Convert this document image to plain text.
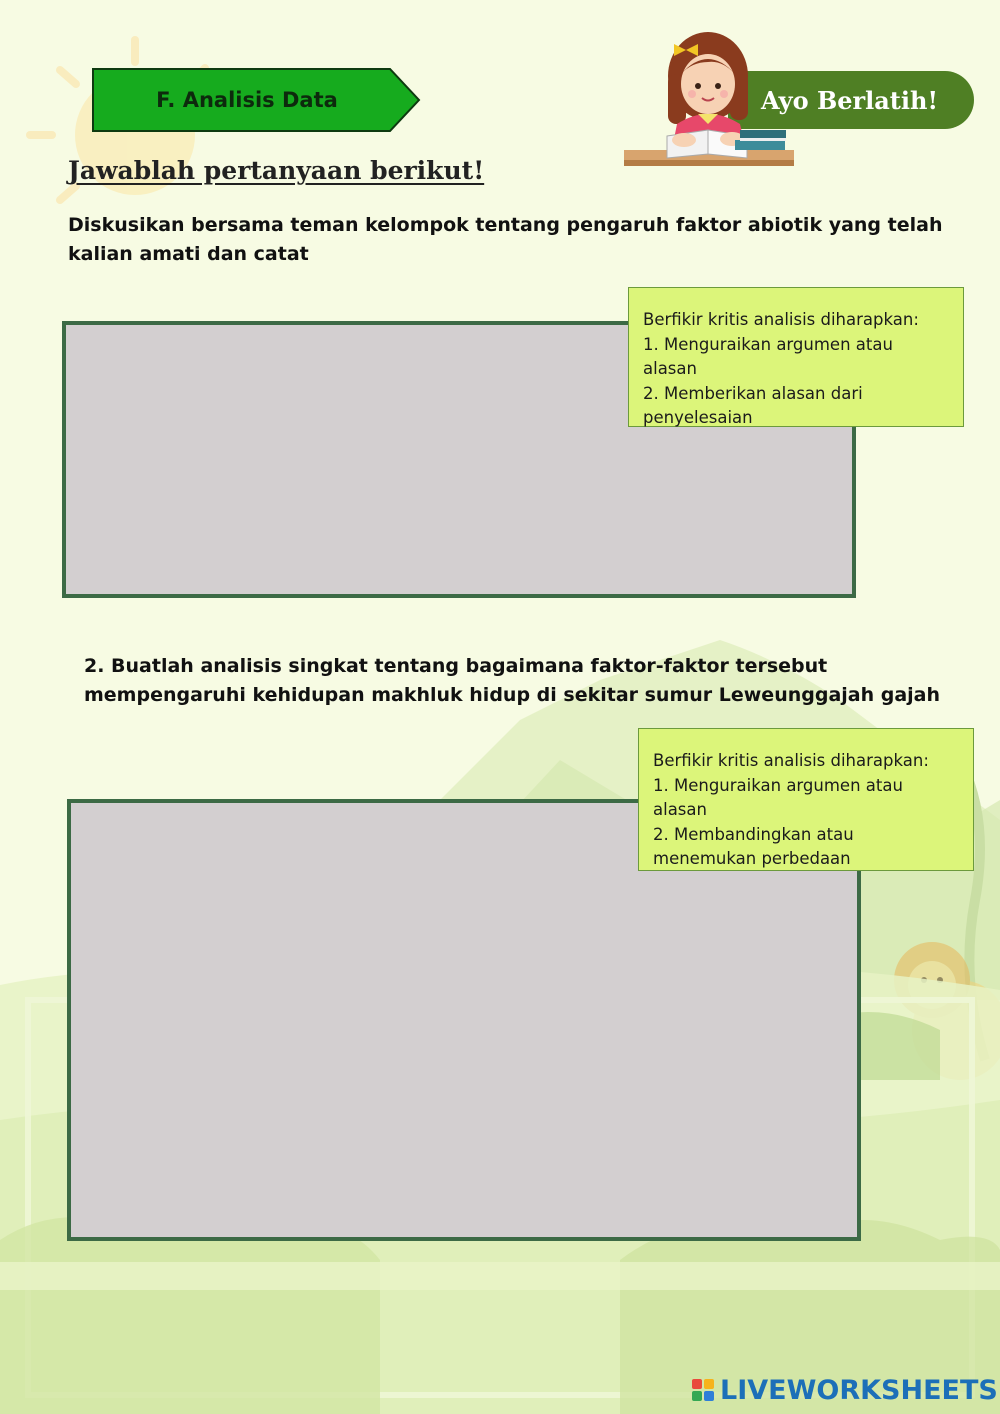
F. Analisis Data	Ayo Berlatih!
Jawablah pertanyaan berikut!
Diskusikan bersama teman kelompok tentang pengaruh faktor abiotik yang telah kalian amati dan catat
Berfikir kritis analisis diharapkan:
1. Menguraikan argumen atau alasan
2. Memberikan alasan dari penyelesaian
2. Buatlah analisis singkat tentang bagaimana faktor-faktor tersebut mempengaruhi kehidupan makhluk hidup di sekitar sumur Leweunggajah gajah
Berfikir kritis analisis diharapkan:
1. Menguraikan argumen atau alasan
2. Membandingkan atau menemukan perbedaan
LIVEWORKSHEETS
